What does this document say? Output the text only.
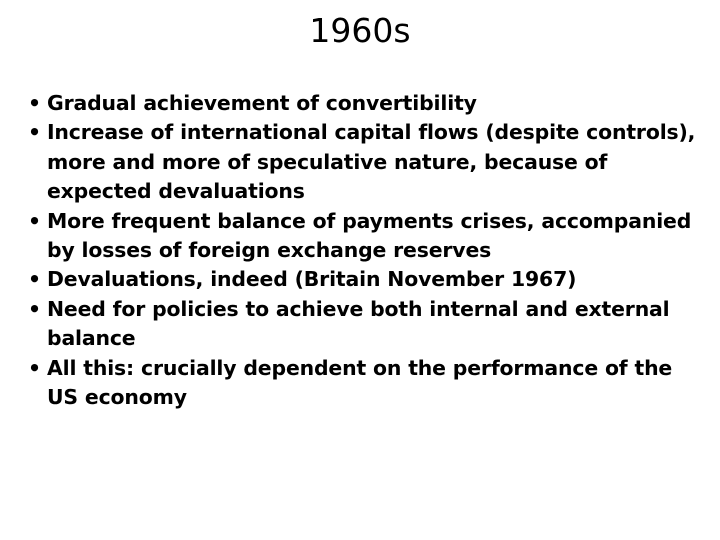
1960s
• Gradual achievement of convertibility
• Increase of international capital flows (despite controls), more and more of speculative nature, because of expected devaluations
• More frequent balance of payments crises, accompanied by losses of foreign exchange reserves
• Devaluations, indeed (Britain November 1967)
• Need for policies to achieve both internal and external balance
• All this: crucially dependent on the performance of the US economy
